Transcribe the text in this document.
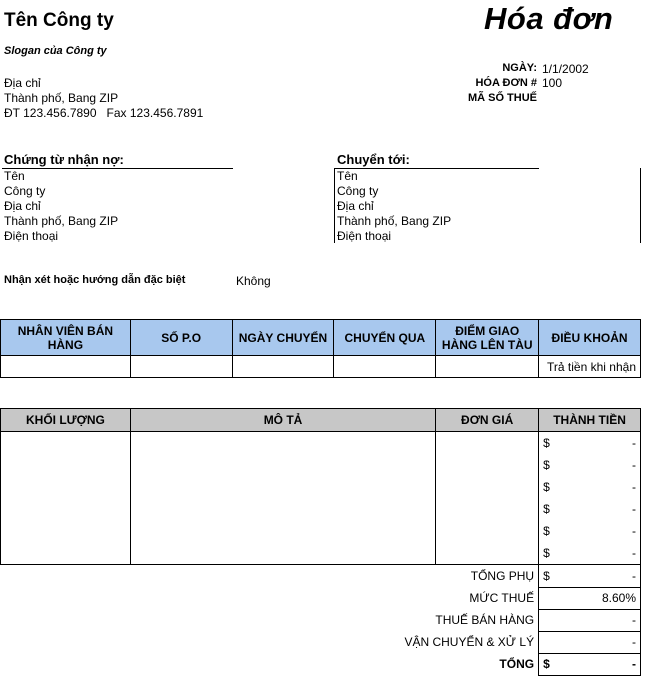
Tên Công ty
Slogan của Công ty
Hóa đơn
Địa chỉ
Thành phố, Bang ZIP
ĐT 123.456.7890 Fax 123.456.7891
NGÀY: 1/1/2002
HÓA ĐƠN # 100
MÃ SỐ THUẾ
Chứng từ nhận nợ:
Tên
Công ty
Địa chỉ
Thành phố, Bang ZIP
Điện thoại
Chuyển tới:
Tên
Công ty
Địa chỉ
Thành phố, Bang ZIP
Điện thoại
Nhận xét hoặc hướng dẫn đặc biệt	Không
NHÂN VIÊN BÁN HÀNG	SỐ P.O	NGÀY CHUYỂN	CHUYỂN QUA	ĐIỂM GIAO HÀNG LÊN TÀU	ĐIỀU KHOẢN
					Trả tiền khi nhận
KHỐI LƯỢNG	MÔ TẢ	ĐƠN GIÁ	THÀNH TIỀN
			$ -

			$ -

			$ -

			$ -

			$ -

			$ -

TỔNG PHỤ			$ -

MỨC THUẾ			8.60%
THUẾ BÁN HÀNG			-
VẬN CHUYỂN & XỬ LÝ			-
TỔNG			$ -
